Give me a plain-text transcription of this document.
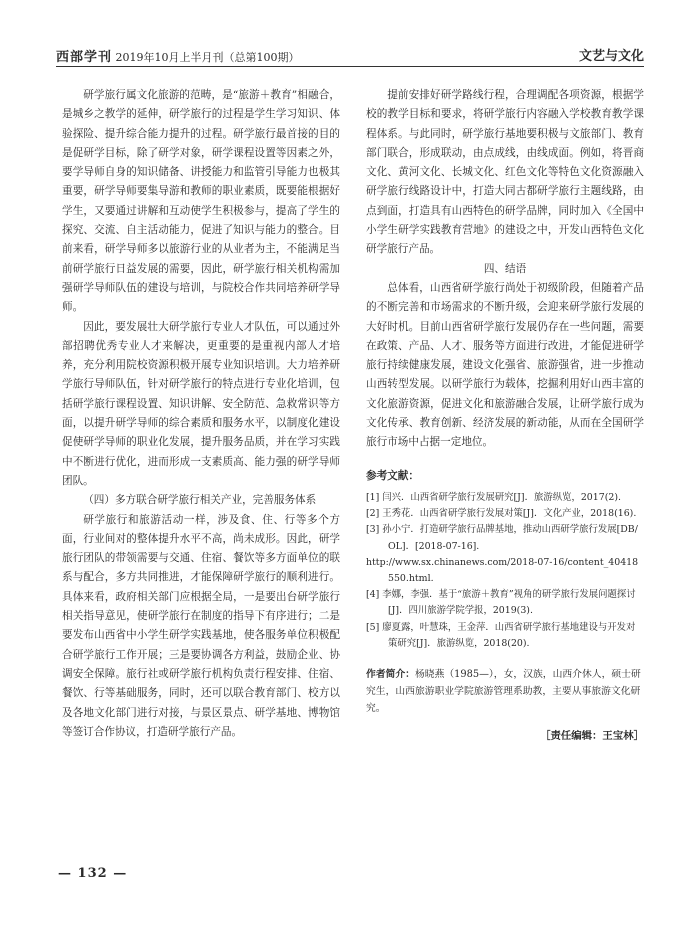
西部学刊 2019年10月上半月刊（总第100期）	文艺与文化

研学旅行属文化旅游的范畴，是“旅游＋教育”相融合，是城乡之教学的延伸，研学旅行的过程是学生学习知识、体验探险、提升综合能力提升的过程。研学旅行最首接的目的是促研学目标，除了研学对象，研学课程设置等因素之外，要学导师自身的知识储备、讲授能力和监管引导能力也极其重要，研学导师要集导游和教师的职业素质，既要能根据好学生，又要通过讲解和互动使学生积极参与，提高了学生的探究、交流、自主活动能力，促进了知识与能力的整合。目前来看，研学导师多以旅游行业的从业者为主，不能满足当前研学旅行日益发展的需要，因此，研学旅行相关机构需加强研学导师队伍的建设与培训，与院校合作共同培养研学导师。

因此，要发展壮大研学旅行专业人才队伍，可以通过外部招聘优秀专业人才来解决，更重要的是重视内部人才培养，充分利用院校资源积极开展专业知识培训。大力培养研学旅行导师队伍，针对研学旅行的特点进行专业化培训，包括研学旅行课程设置、知识讲解、安全防范、急救常识等方面，以提升研学导师的综合素质和服务水平，以制度化建设促使研学导师的职业化发展，提升服务品质，并在学习实践中不断进行优化，进而形成一支素质高、能力强的研学导师团队。

（四）多方联合研学旅行相关产业，完善服务体系

研学旅行和旅游活动一样，涉及食、住、行等多个方面，行业间对的整体提升水平不高，尚未成形。因此，研学旅行团队的带领需要与交通、住宿、餐饮等多方面单位的联系与配合，多方共同推进，才能保障研学旅行的顺利进行。具体来看，政府相关部门应根据全局，一是要出台研学旅行相关指导意见，使研学旅行在制度的指导下有序进行；二是要发布山西省中小学生研学实践基地，使各服务单位积极配合研学旅行工作开展；三是要协调各方利益，鼓励企业、协调安全保障。旅行社或研学旅行机构负责行程安排、住宿、餐饮、行等基础服务，同时，还可以联合教育部门、校方以及各地文化部门进行对接，与景区景点、研学基地、博物馆等签订合作协议，打造研学旅行产品。

提前安排好研学路线行程，合理调配各项资源，根据学校的教学目标和要求，将研学旅行内容融入学校教育教学课程体系。与此同时，研学旅行基地要积极与文旅部门、教育部门联合，形成联动，由点成线，由线成面。例如，将晋商文化、黄河文化、长城文化、红色文化等特色文化资源融入研学旅行线路设计中，打造大同古都研学旅行主题线路，由点到面，打造具有山西特色的研学品牌，同时加入《全国中小学生研学实践教育营地》的建设之中，开发山西特色文化研学旅行产品。

四、结语

总体看，山西省研学旅行尚处于初级阶段，但随着产品的不断完善和市场需求的不断升级，会迎来研学旅行发展的大好时机。目前山西省研学旅行发展仍存在一些问题，需要在政策、产品、人才、服务等方面进行改进，才能促进研学旅行持续健康发展，建设文化强省、旅游强省，进一步推动山西转型发展。以研学旅行为载体，挖掘利用好山西丰富的文化旅游资源，促进文化和旅游融合发展，让研学旅行成为文化传承、教育创新、经济发展的新动能，从而在全国研学旅行市场中占据一定地位。

参考文献：
[1] 闫兴．山西省研学旅行发展研究[J]．旅游纵览，2017(2).
[2] 王秀花．山西省研学旅行发展对策[J]．文化产业，2018(16).
[3] 孙小宁．打造研学旅行品牌基地，推动山西研学旅行发展[DB/OL]．[2018-07-16].
http://www.sx.chinanews.com/2018-07-16/content_40418550.html.
[4] 李娜，李强．基于“旅游＋教育”视角的研学旅行发展问题探讨[J]．四川旅游学院学报，2019(3).
[5] 廖夏露，叶慧珠，王金萍．山西省研学旅行基地建设与开发对策研究[J]．旅游纵览，2018(20).
作者简介：杨晓燕（1985—），女，汉族，山西介休人，硕士研究生，山西旅游职业学院旅游管理系助教，主要从事旅游文化研究。
［责任编辑：王宝林］
— 132 —
